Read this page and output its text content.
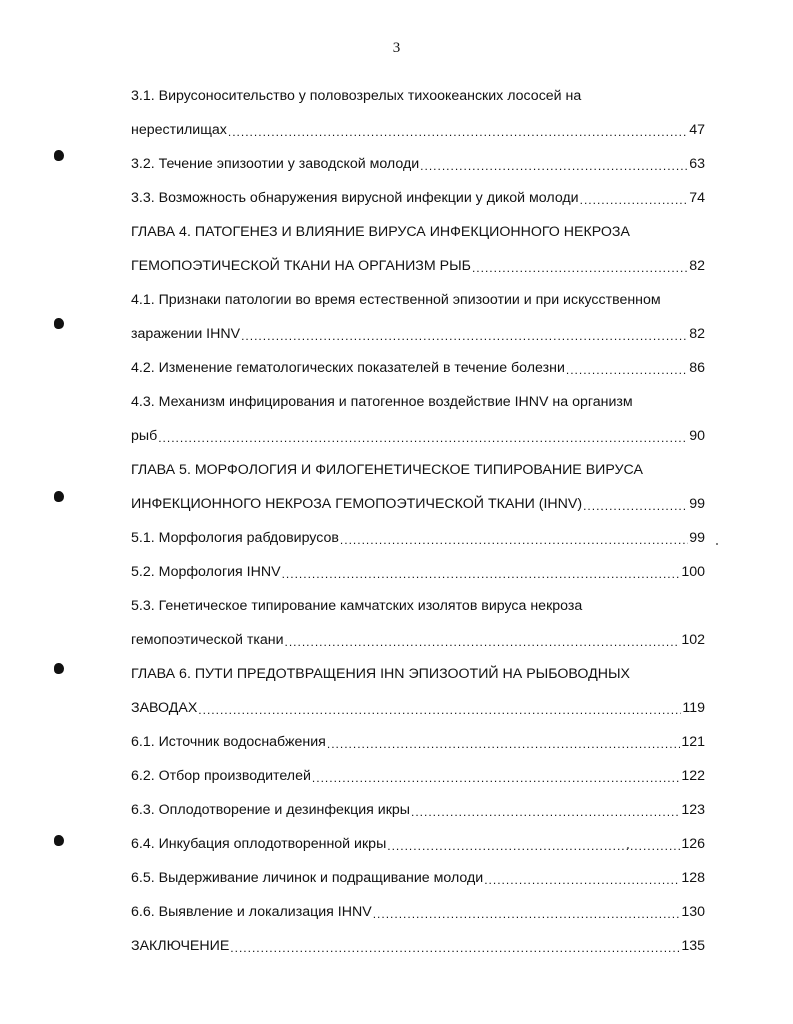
3
3.1. Вирусоносительство у половозрелых тихоокеанских лососей на
нерестилищах .....	47
3.2. Течение эпизоотии у заводской молоди .....	63
3.3. Возможность обнаружения вирусной инфекции у дикой молоди .....	74
ГЛАВА 4. ПАТОГЕНЕЗ И ВЛИЯНИЕ ВИРУСА ИНФЕКЦИОННОГО НЕКРОЗА
ГЕМОПОЭТИЧЕСКОЙ ТКАНИ НА ОРГАНИЗМ РЫБ .....	82
4.1. Признаки патологии во время естественной эпизоотии и при искусственном
заражении IHNV .....	82
4.2. Изменение гематологических показателей в течение болезни .....	86
4.3. Механизм инфицирования и патогенное воздействие IHNV на организм
рыб .....	90
ГЛАВА 5. МОРФОЛОГИЯ И ФИЛОГЕНЕТИЧЕСКОЕ ТИПИРОВАНИЕ ВИРУСА
ИНФЕКЦИОННОГО НЕКРОЗА ГЕМОПОЭТИЧЕСКОЙ ТКАНИ (IHNV) .....	99
5.1. Морфология рабдовирусов .....	99
5.2. Морфология IHNV .....	100
5.3. Генетическое типирование камчатских изолятов вируса некроза
гемопоэтической ткани .....	102
ГЛАВА 6. ПУТИ ПРЕДОТВРАЩЕНИЯ IHN ЭПИЗООТИЙ НА РЫБОВОДНЫХ
ЗАВОДАХ .....	119
6.1. Источник водоснабжения .....	121
6.2. Отбор производителей .....	122
6.3. Оплодотворение и дезинфекция икры .....	123
6.4. Инкубация оплодотворенной икры .....	126
6.5. Выдерживание личинок и подращивание молоди .....	128
6.6. Выявление и локализация IHNV .....	130
ЗАКЛЮЧЕНИЕ .....	135
